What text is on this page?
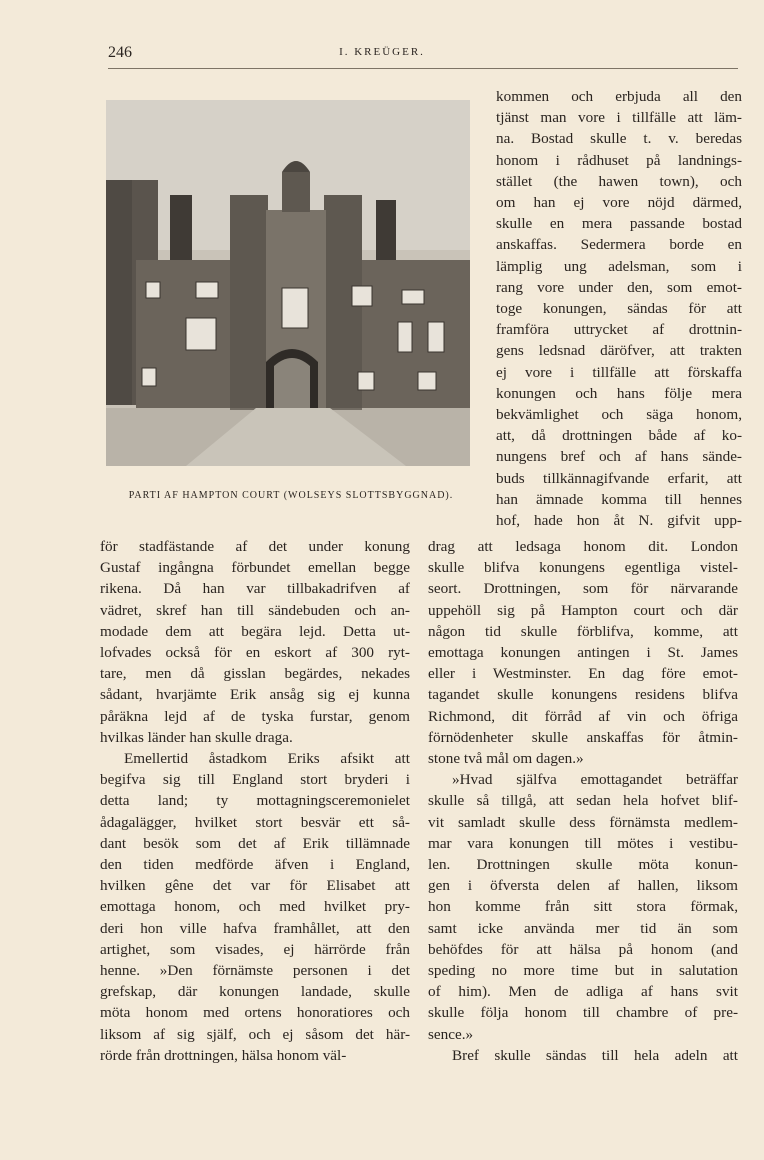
246	I. KREÜGER.
PARTI AF HAMPTON COURT (WOLSEYS SLOTTSBYGGNAD).
kommen och erbjuda all den
tjänst man vore i tillfälle att läm-
na. Bostad skulle t. v. beredas
honom i rådhuset på landnings-
stället (the hawen town), och
om han ej vore nöjd därmed,
skulle en mera passande bostad
anskaffas. Sedermera borde en
lämplig ung adelsman, som i
rang vore under den, som emot-
toge konungen, sändas för att
framföra uttrycket af drottnin-
gens ledsnad däröfver, att trakten
ej vore i tillfälle att förskaffa
konungen och hans följe mera
bekvämlighet och säga honom,
att, då drottningen både af ko-
nungens bref och af hans sände-
buds tillkännagifvande erfarit, att
han ämnade komma till hennes
hof, hade hon åt N. gifvit upp-
för stadfästande af det under konung
Gustaf ingångna förbundet emellan begge
rikena. Då han var tillbakadrifven af
vädret, skref han till sändebuden och an-
modade dem att begära lejd. Detta ut-
lofvades också för en eskort af 300 ryt-
tare, men då gisslan begärdes, nekades
sådant, hvarjämte Erik ansåg sig ej kunna
påräkna lejd af de tyska furstar, genom
hvilkas länder han skulle draga.
Emellertid åstadkom Eriks afsikt att
begifva sig till England stort bryderi i
detta land; ty mottagningsceremonielet
ådagalägger, hvilket stort besvär ett så-
dant besök som det af Erik tillämnade
den tiden medförde äfven i England,
hvilken gêne det var för Elisabet att
emottaga honom, och med hvilket pry-
deri hon ville hafva framhållet, att den
artighet, som visades, ej härrörde från
henne. »Den förnämste personen i det
grefskap, där konungen landade, skulle
möta honom med ortens honoratiores och
liksom af sig själf, och ej såsom det här-
rörde från drottningen, hälsa honom väl-
drag att ledsaga honom dit. London
skulle blifva konungens egentliga vistel-
seort. Drottningen, som för närvarande
uppehöll sig på Hampton court och där
någon tid skulle förblifva, komme, att
emottaga konungen antingen i St. James
eller i Westminster. En dag före emot-
tagandet skulle konungens residens blifva
Richmond, dit förråd af vin och öfriga
förnödenheter skulle anskaffas för åtmin-
stone två mål om dagen.»
»Hvad själfva emottagandet beträffar
skulle så tillgå, att sedan hela hofvet blif-
vit samladt skulle dess förnämsta medlem-
mar vara konungen till mötes i vestibu-
len. Drottningen skulle möta konun-
gen i öfversta delen af hallen, liksom
hon komme från sitt stora förmak,
samt icke använda mer tid än som
behöfdes för att hälsa på honom (and
speding no more time but in salutation
of him). Men de adliga af hans svit
skulle följa honom till chambre of pre-
sence.»
Bref skulle sändas till hela adeln att
